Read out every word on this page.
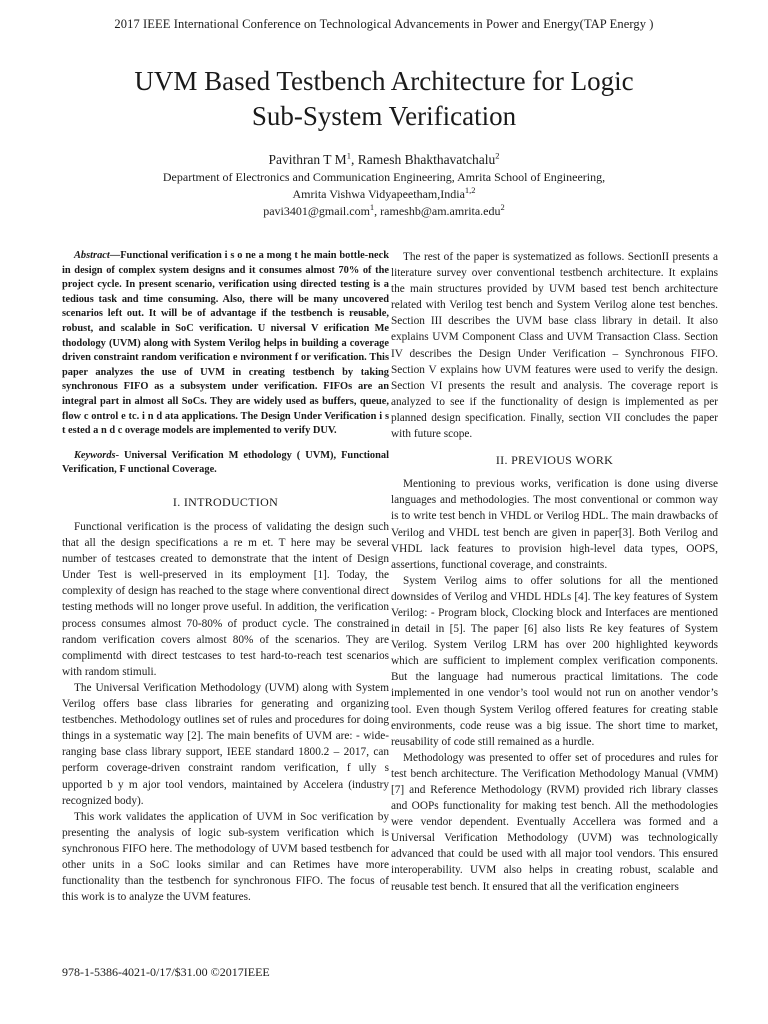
2017 IEEE International Conference on Technological Advancements in Power and Energy(TAP Energy )
UVM Based Testbench Architecture for Logic
Sub-System Verification
Pavithran T $M^1$, Ramesh Bhakthavatchalu$^2$
Department of Electronics and Communication Engineering, Amrita School of Engineering,
Amrita Vishwa Vidyapeetham,India$^{1,2}$
pavi3401@gmail.com$^1$, rameshb@am.amrita.edu$^2$

Abstract—Functional verification i s o ne a mong t he main bottle-neck in design of complex system designs and it consumes almost 70% of the project cycle. In present scenario, verification using directed testing is a tedious task and time consuming. Also, there will be many uncovered scenarios left out. It will be of advantage if the testbench is reusable, robust, and scalable in SoC verification. U niversal V erification Me thodology (UVM) along with System Verilog helps in building a coverage driven constraint random verification e nvironment f or verification. This paper analyzes the use of UVM in creating testbench by taking synchronous FIFO as a subsystem under verification. FIFOs are an integral part in almost all SoCs. They are widely used as buffers, queue, flow c ontrol e tc. i n d ata applications. The Design Under Verification i s t ested a n d c overage models are implemented to verify DUV.

Keywords- Universal Verification M ethodology ( UVM), Functional Verification, F unctional Coverage.

I. INTRODUCTION

Functional verification is the process of validating the design such that all the design specifications a re m et. T here may be several number of testcases created to demonstrate that the intent of Design Under Test is well-preserved in its employment [1]. Today, the complexity of design has reached to the stage where conventional direct testing methods will no longer prove useful. In addition, the verification process consumes almost 70-80% of product cycle. The constrained random verification covers almost 80% of the scenarios. They are complimentd with direct testcases to test hard-to-reach test scenarios with random stimuli.

The Universal Verification Methodology (UVM) along with System Verilog offers base class libraries for generating and organizing testbenches. Methodology outlines set of rules and procedures for doing things in a systematic way [2]. The main benefits of UVM are: - wide-ranging base class library support, IEEE standard 1800.2 – 2017, can perform coverage-driven constraint random verification, f ully s upported b y m ajor tool vendors, maintained by Accelera (industry recognized body).

This work validates the application of UVM in Soc verification by presenting the analysis of logic sub-system verification which is synchronous FIFO here. The methodology of UVM based testbench for other units in a SoC looks similar and can Retimes have more functionality than the testbench for synchronous FIFO. The focus of this work is to analyze the UVM features.

The rest of the paper is systematized as follows. SectionII presents a literature survey over conventional testbench architecture. It explains the main structures provided by UVM based test bench architecture related with Verilog test bench and System Verilog alone test benches. Section III describes the UVM base class library in detail. It also explains UVM Component Class and UVM Transaction Class. Section IV describes the Design Under Verification – Synchronous FIFO. Section V explains how UVM features were used to verify the design. Section VI presents the result and analysis. The coverage report is analyzed to see if the functionality of design is implemented as per planned design specification. Finally, section VII concludes the paper with future scope.

II. PREVIOUS WORK

Mentioning to previous works, verification is done using diverse languages and methodologies. The most conventional or common way is to write test bench in VHDL or Verilog HDL. The main drawbacks of Verilog and VHDL test bench are given in paper[3]. Both Verilog and VHDL lack features to provision high-level data types, OOPS, assertions, functional coverage, and constraints.

System Verilog aims to offer solutions for all the mentioned downsides of Verilog and VHDL HDLs [4]. The key features of System Verilog: - Program block, Clocking block and Interfaces are mentioned in detail in [5]. The paper [6] also lists Re key features of System Verilog. System Verilog LRM has over 200 highlighted keywords which are sufficient to implement complex verification components. But the language had numerous practical limitations. The code implemented in one vendor’s tool would not run on another vendor’s tool. Even though System Verilog offered features for creating stable environments, code reuse was a big issue. The short time to market, reusability of code still remained as a hurdle.

Methodology was presented to offer set of procedures and rules for test bench architecture. The Verification Methodology Manual (VMM) [7] and Reference Methodology (RVM) provided rich library classes and OOPs functionality for making test bench. All the methodologies were vendor dependent. Eventually Accellera was formed and a Universal Verification Methodology (UVM) was technologically advanced that could be used with all major tool vendors. This ensured interoperability. UVM also helps in creating robust, scalable and reusable test bench. It ensured that all the verification engineers

978-1-5386-4021-0/17/$31.00 ©2017IEEE
